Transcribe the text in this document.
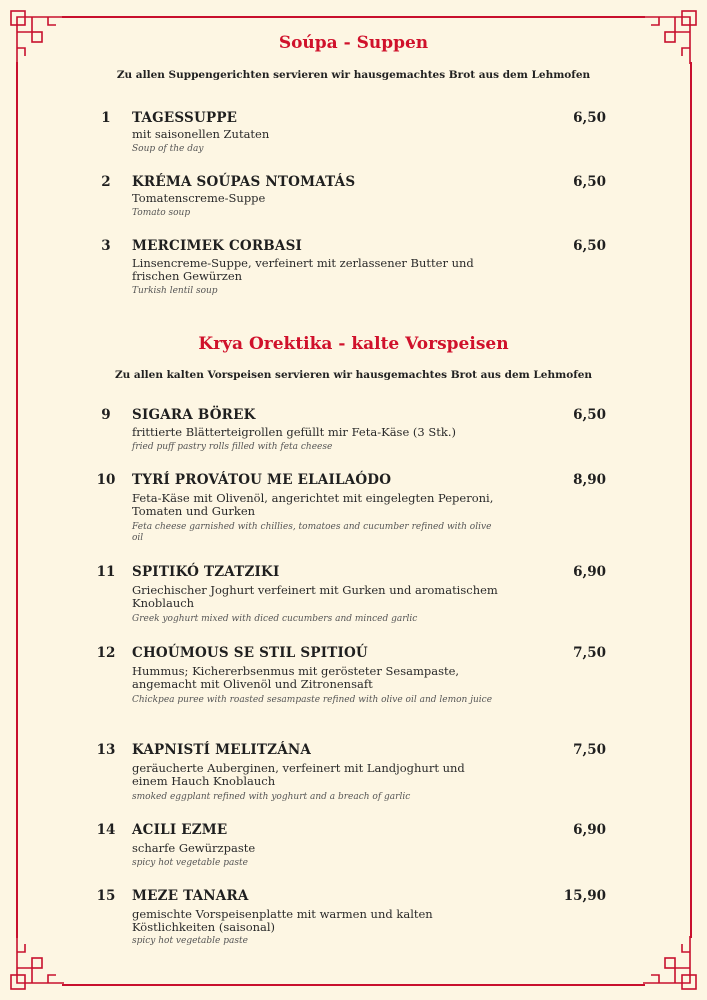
Soúpa - Suppen
Zu allen Suppengerichten servieren wir hausgemachtes Brot aus dem Lehmofen
1	TAGESSUPPE	6,50
mit saisonellen Zutaten
Soup of the day
2	KRÉMA SOÚPAS NTOMATÁS	6,50
Tomatenscreme-Suppe
Tomato soup
3	MERCIMEK CORBASI	6,50
Linsencreme-Suppe, verfeinert mit zerlassener Butter und frischen Gewürzen
Turkish lentil soup
Krya Orektika - kalte Vorspeisen
Zu allen kalten Vorspeisen servieren wir hausgemachtes Brot aus dem Lehmofen
9	SIGARA BÖREK	6,50
frittierte Blätterteigrollen gefüllt mir Feta-Käse (3 Stk.)
fried puff pastry rolls filled with feta cheese
10	TYRÍ PROVÁTOU ME ELAILAÓDO	8,90
Feta-Käse mit Olivenöl, angerichtet mit eingelegten Peperoni, Tomaten und Gurken
Feta cheese garnished with chillies, tomatoes and cucumber refined with olive oil
11	SPITIKÓ TZATZIKI	6,90
Griechischer Joghurt verfeinert mit Gurken und aromatischem Knoblauch
Greek yoghurt mixed with diced cucumbers and minced garlic
12	CHOÚMOUS SE STIL SPITIOÚ	7,50
Hummus; Kichererbsenmus mit gerösteter Sesampaste, angemacht mit Olivenöl und Zitronensaft
Chickpea puree with roasted sesampaste refined with olive oil and lemon juice
13	KAPNISTÍ MELITZÁNA	7,50
geräucherte Auberginen, verfeinert mit Landjoghurt und einem Hauch Knoblauch
smoked eggplant refined with yoghurt and a breach of garlic
14	ACILI EZME	6,90
scharfe Gewürzpaste
spicy hot vegetable paste
15	MEZE TANARA	15,90
gemischte Vorspeisenplatte mit warmen und kalten Köstlichkeiten (saisonal)
spicy hot vegetable paste
